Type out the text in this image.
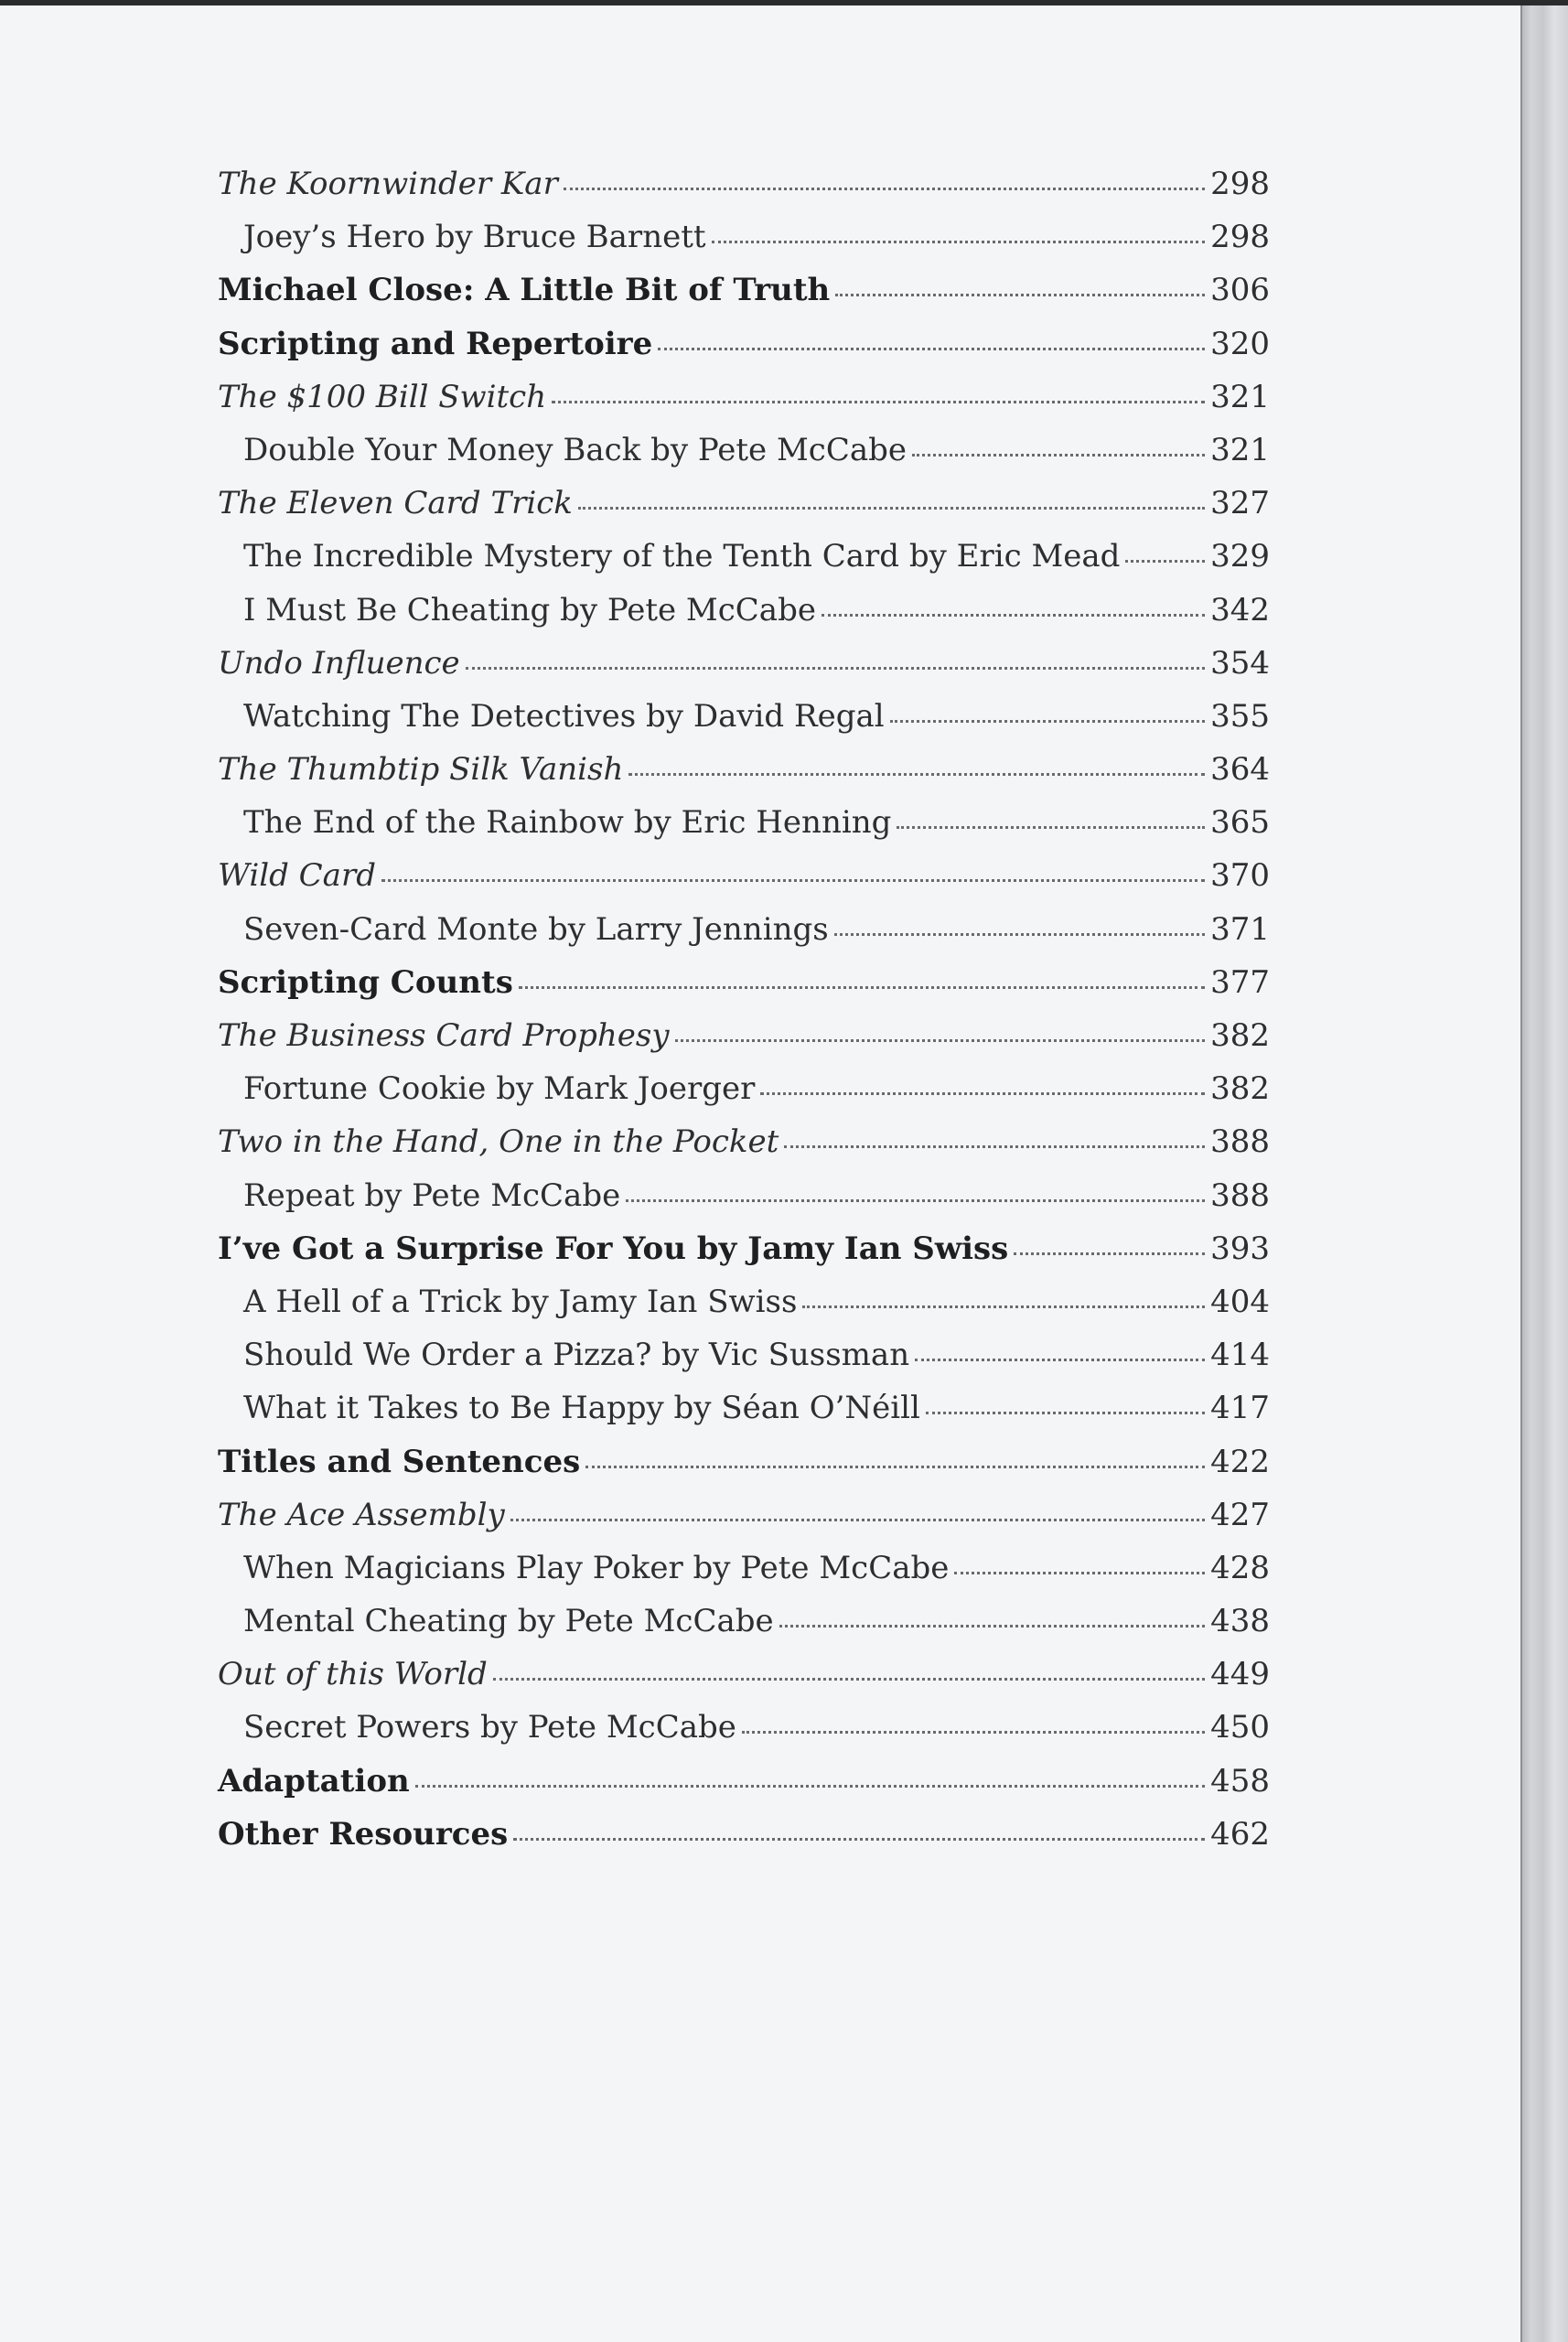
The Koornwinder Kar	298
Joey’s Hero by Bruce Barnett	298
Michael Close: A Little Bit of Truth	306
Scripting and Repertoire	320
The $100 Bill Switch	321
Double Your Money Back by Pete McCabe	321
The Eleven Card Trick	327
The Incredible Mystery of the Tenth Card by Eric Mead	329
I Must Be Cheating by Pete McCabe	342
Undo Influence	354
Watching The Detectives by David Regal	355
The Thumbtip Silk Vanish	364
The End of the Rainbow by Eric Henning	365
Wild Card	370
Seven-Card Monte by Larry Jennings	371
Scripting Counts	377
The Business Card Prophesy	382
Fortune Cookie by Mark Joerger	382
Two in the Hand, One in the Pocket	388
Repeat by Pete McCabe	388
I’ve Got a Surprise For You by Jamy Ian Swiss	393
A Hell of a Trick by Jamy Ian Swiss	404
Should We Order a Pizza? by Vic Sussman	414
What it Takes to Be Happy by Séan O’Néill	417
Titles and Sentences	422
The Ace Assembly	427
When Magicians Play Poker by Pete McCabe	428
Mental Cheating by Pete McCabe	438
Out of this World	449
Secret Powers by Pete McCabe	450
Adaptation	458
Other Resources	462
